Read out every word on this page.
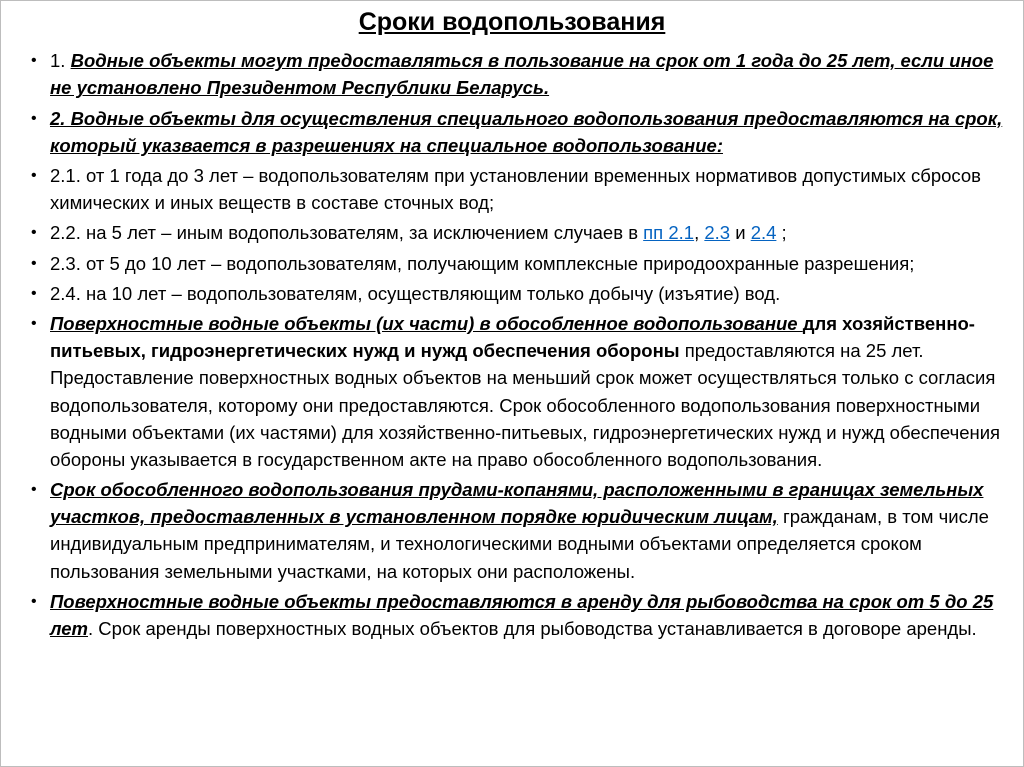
Сроки водопользования
• 1. Водные объекты могут предоставляться в пользование на срок от 1 года до 25 лет, если иное не установлено Президентом Республики Беларусь.
• 2. Водные объекты для осуществления специального водопользования предоставляются на срок, который указвается в разрешениях на специальное водопользование:
• 2.1. от 1 года до 3 лет – водопользователям при установлении временных нормативов допустимых сбросов химических и иных веществ в составе сточных вод;
• 2.2. на 5 лет – иным водопользователям, за исключением случаев в пп 2.1, 2.3 и 2.4 ;
• 2.3. от 5 до 10 лет – водопользователям, получающим комплексные природоохранные разрешения;
• 2.4. на 10 лет – водопользователям, осуществляющим только добычу (изъятие) вод.
• Поверхностные водные объекты (их части) в обособленное водопользование для хозяйственно-питьевых, гидроэнергетических нужд и нужд обеспечения обороны предоставляются на 25 лет. Предоставление поверхностных водных объектов на меньший срок может осуществляться только с согласия водопользователя, которому они предоставляются. Срок обособленного водопользования поверхностными водными объектами (их частями) для хозяйственно-питьевых, гидроэнергетических нужд и нужд обеспечения обороны указывается в государственном акте на право обособленного водопользования.
• Срок обособленного водопользования прудами-копанями, расположенными в границах земельных участков, предоставленных в установленном порядке юридическим лицам, гражданам, в том числе индивидуальным предпринимателям, и технологическими водными объектами определяется сроком пользования земельными участками, на которых они расположены.
• Поверхностные водные объекты предоставляются в аренду для рыбоводства на срок от 5 до 25 лет. Срок аренды поверхностных водных объектов для рыбоводства устанавливается в договоре аренды.
